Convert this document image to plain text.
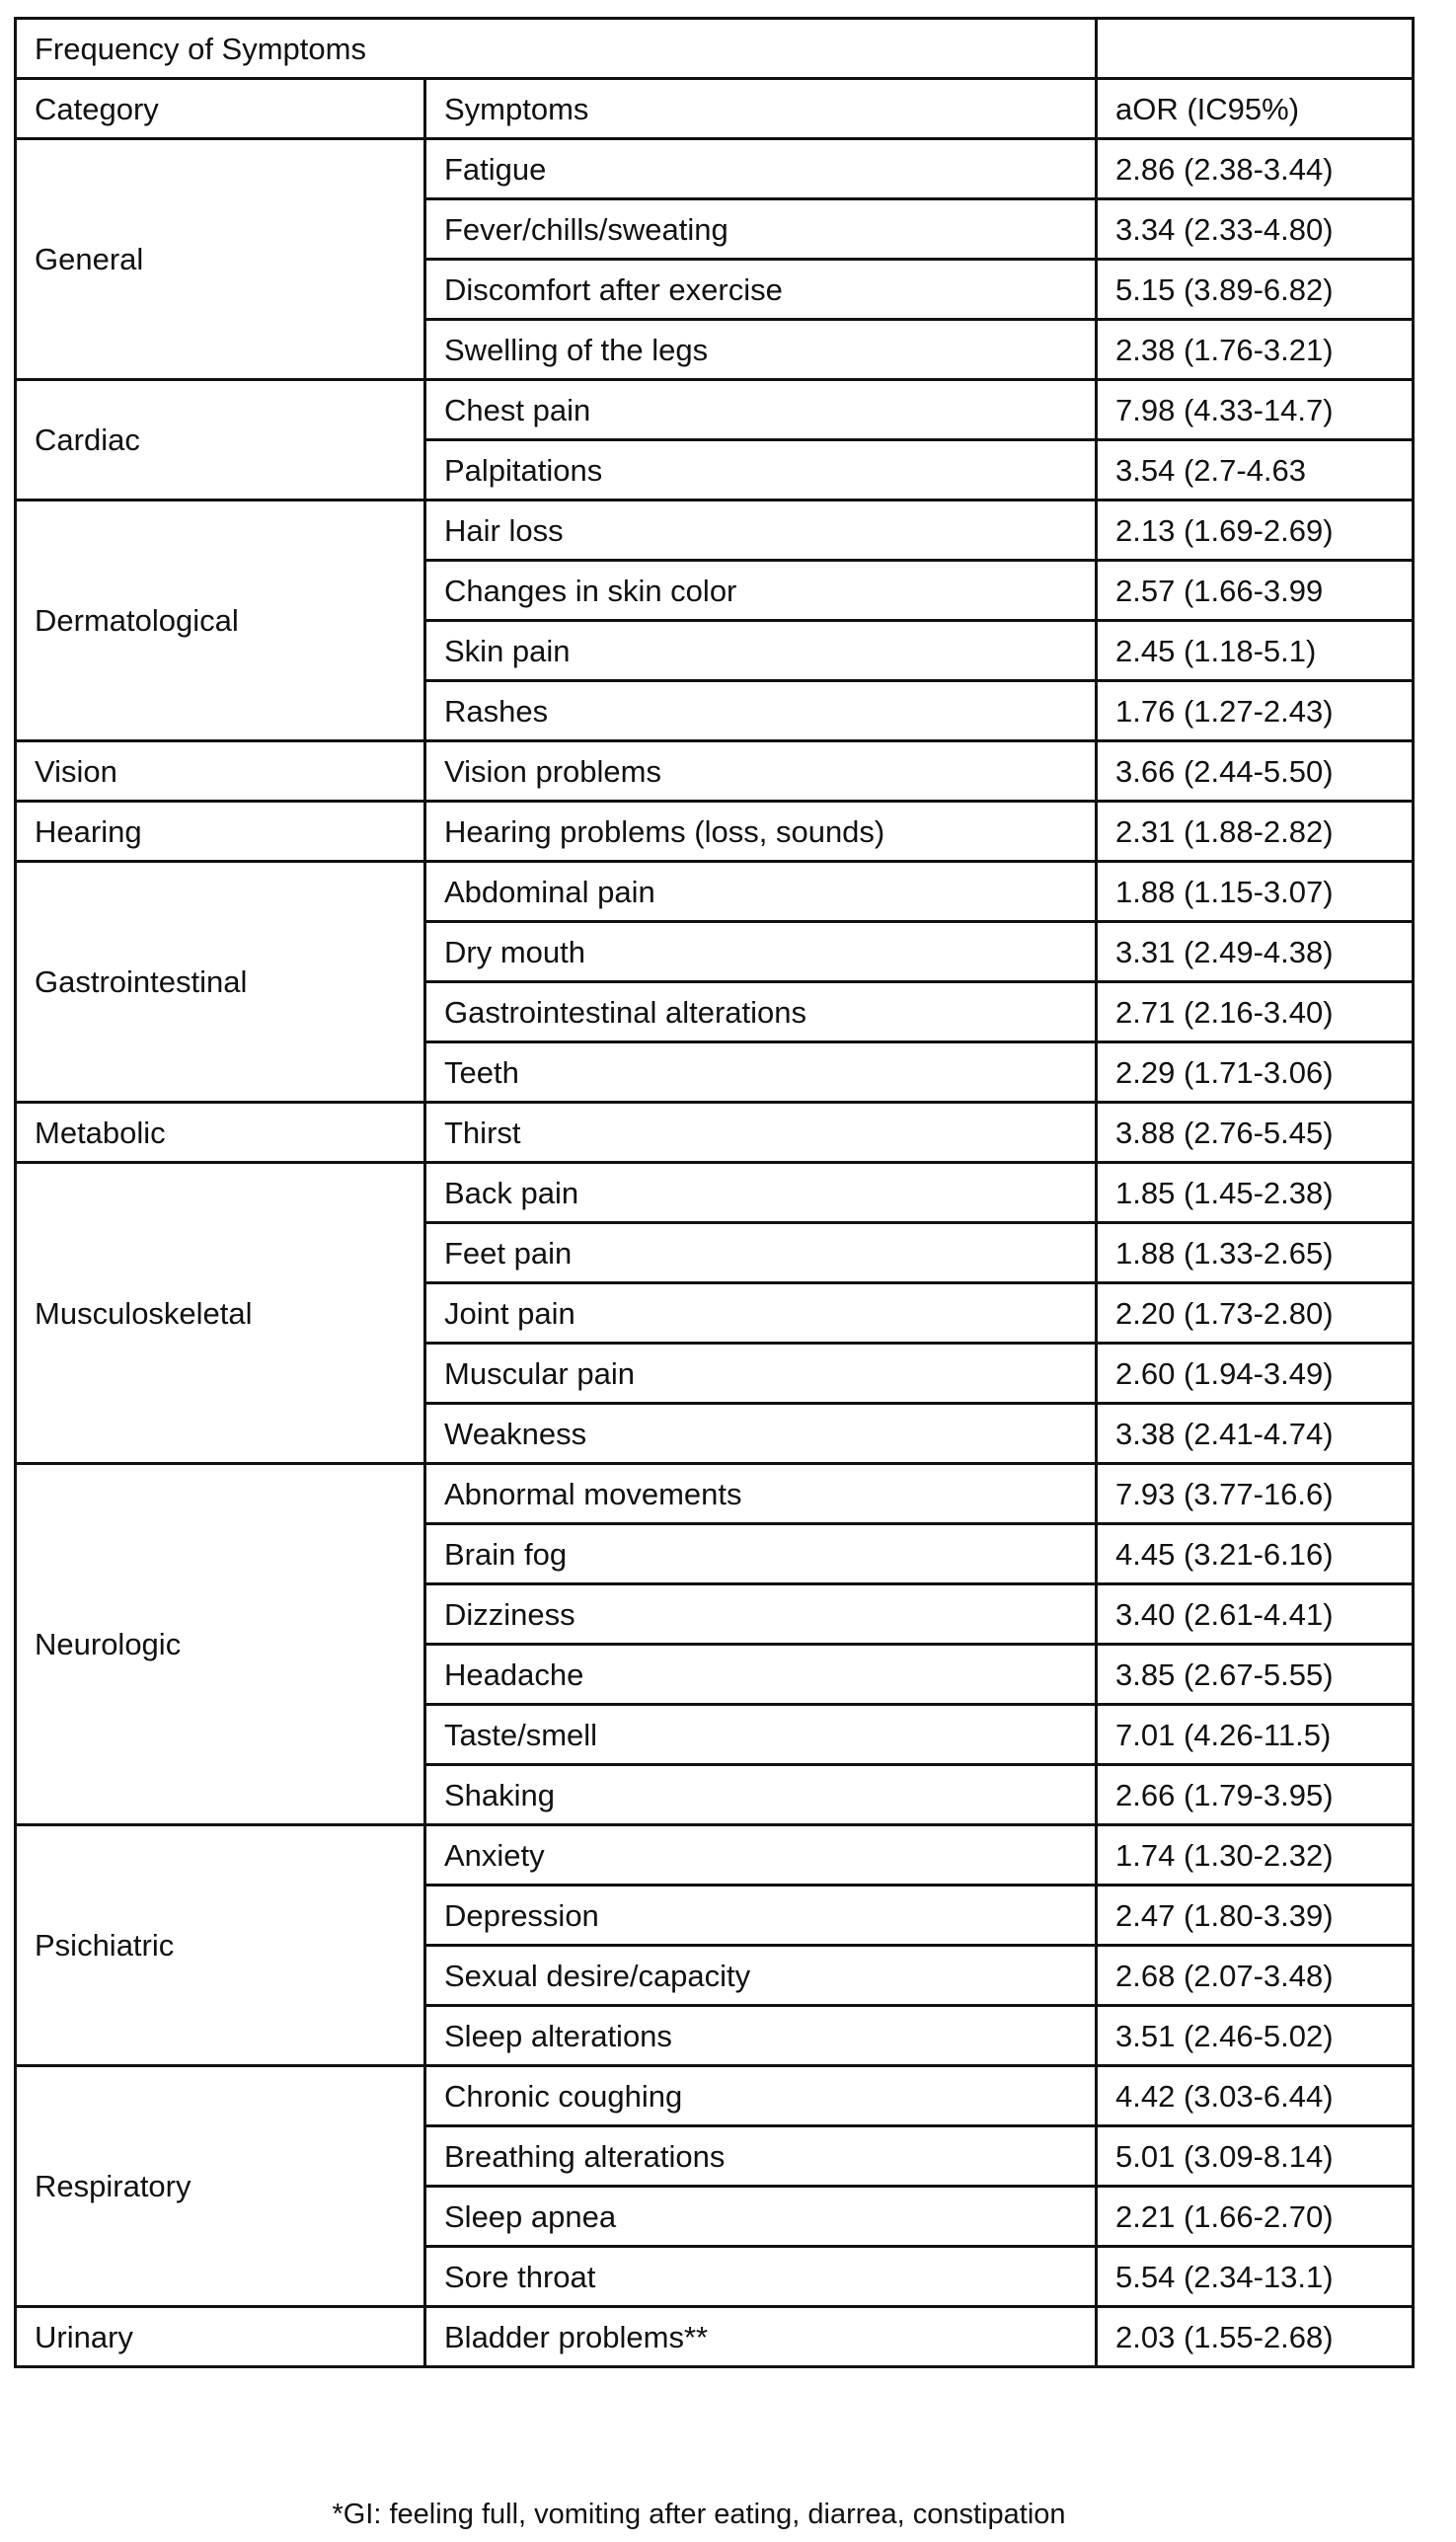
Frequency of Symptoms		
Category	Symptoms	aOR (IC95%)
General	Fatigue	2.86 (2.38-3.44)
	Fever/chills/sweating	3.34 (2.33-4.80)
	Discomfort after exercise	5.15 (3.89-6.82)
	Swelling of the legs	2.38 (1.76-3.21)
Cardiac	Chest pain	7.98 (4.33-14.7)
	Palpitations	3.54 (2.7-4.63
Dermatological	Hair loss	2.13 (1.69-2.69)
	Changes in skin color	2.57 (1.66-3.99
	Skin pain	2.45 (1.18-5.1)
	Rashes	1.76 (1.27-2.43)
Vision	Vision problems	3.66 (2.44-5.50)
Hearing	Hearing problems (loss, sounds)	2.31 (1.88-2.82)
Gastrointestinal	Abdominal pain	1.88 (1.15-3.07)
	Dry mouth	3.31 (2.49-4.38)
	Gastrointestinal alterations	2.71 (2.16-3.40)
	Teeth	2.29 (1.71-3.06)
Metabolic	Thirst	3.88 (2.76-5.45)
Musculoskeletal	Back pain	1.85 (1.45-2.38)
	Feet pain	1.88 (1.33-2.65)
	Joint pain	2.20 (1.73-2.80)
	Muscular pain	2.60 (1.94-3.49)
	Weakness	3.38 (2.41-4.74)
Neurologic	Abnormal movements	7.93 (3.77-16.6)
	Brain fog	4.45 (3.21-6.16)
	Dizziness	3.40 (2.61-4.41)
	Headache	3.85 (2.67-5.55)
	Taste/smell	7.01 (4.26-11.5)
	Shaking	2.66 (1.79-3.95)
Psichiatric	Anxiety	1.74 (1.30-2.32)
	Depression	2.47 (1.80-3.39)
	Sexual desire/capacity	2.68 (2.07-3.48)
	Sleep alterations	3.51 (2.46-5.02)
Respiratory	Chronic coughing	4.42 (3.03-6.44)
	Breathing alterations	5.01 (3.09-8.14)
	Sleep apnea	2.21 (1.66-2.70)
	Sore throat	5.54 (2.34-13.1)
Urinary	Bladder problems**	2.03 (1.55-2.68)
*GI: feeling full, vomiting after eating, diarrea, constipation
